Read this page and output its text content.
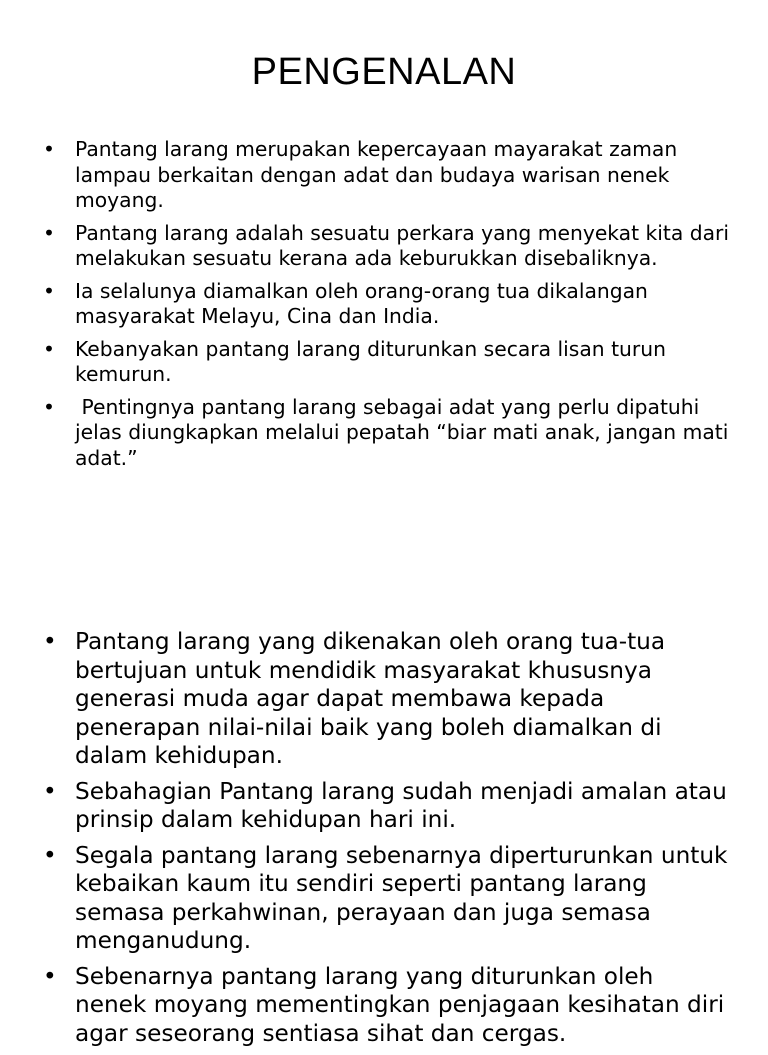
PENGENALAN
• Pantang larang merupakan kepercayaan mayarakat zaman lampau berkaitan dengan adat dan budaya warisan nenek moyang.
• Pantang larang adalah sesuatu perkara yang menyekat kita dari melakukan sesuatu kerana ada keburukkan disebaliknya.
• Ia selalunya diamalkan oleh orang-orang tua dikalangan masyarakat Melayu, Cina dan India.
• Kebanyakan pantang larang diturunkan secara lisan turun kemurun.
• Pentingnya pantang larang sebagai adat yang perlu dipatuhi jelas diungkapkan melalui pepatah “biar mati anak, jangan mati adat.”
• Pantang larang yang dikenakan oleh orang tua-tua bertujuan untuk mendidik masyarakat khususnya generasi muda agar dapat membawa kepada penerapan nilai-nilai baik yang boleh diamalkan di dalam kehidupan.
• Sebahagian Pantang larang sudah menjadi amalan atau prinsip dalam kehidupan hari ini.
• Segala pantang larang sebenarnya diperturunkan untuk kebaikan kaum itu sendiri seperti pantang larang semasa perkahwinan, perayaan dan juga semasa menganudung.
• Sebenarnya pantang larang yang diturunkan oleh nenek moyang mementingkan penjagaan kesihatan diri agar seseorang sentiasa sihat dan cergas.
